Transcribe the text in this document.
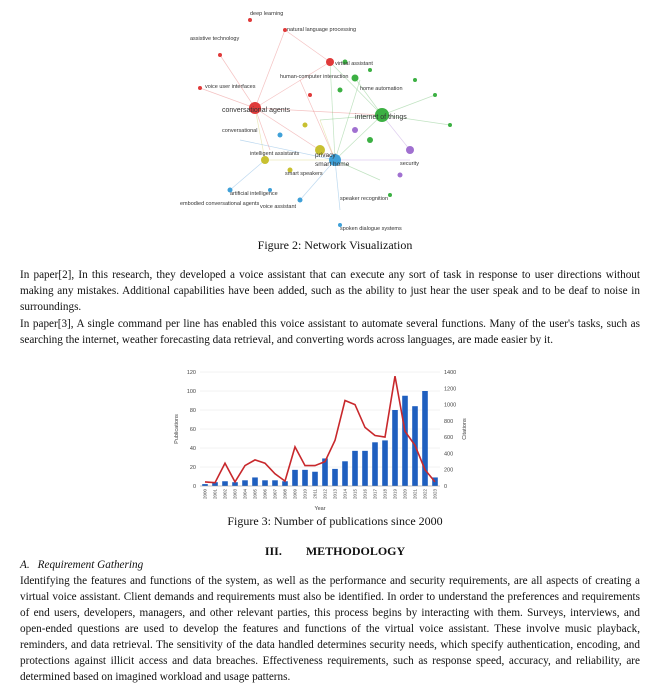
natural language processing
virtual assistant
voice user interfaces
human-computer interaction
conversational agents
conversational
internet of things
privacy
smart home
smart speakers
artificial intelligence
embodied conversational agents voice assistant
home automation
speaker recognition
spoken dialogue systems
assistive technology
deep learning
intelligent assistants
security
Figure 2: Network Visualization

In paper[2], In this research, they developed a voice assistant that can execute any sort of task in response to user directions without making any mistakes. Additional capabilities have been added, such as the ability to just hear the user speak and to be deaf to noise in surroundings.

In paper[3], A single command per line has enabled this voice assistant to automate several functions. Many of the user's tasks, such as searching the internet, weather forecasting data retrieval, and converting words across languages, are made easier by it.

0
20
40
60
80
100
120
0
200
400
600
800
1000
1200
1400
2000 2001 2002 2003 2004 2005 2006 2007 2008 2009 2010 2011 2012 2013 2014 2015 2016 2017 2018 2019 2020 2021 2022 2023
Year
Publications	Citations
Figure 3: Number of publications since 2000
III. METHODOLOGY
A. Requirement Gathering

Identifying the features and functions of the system, as well as the performance and security requirements, are all aspects of creating a virtual voice assistant. Client demands and requirements must also be identified. In order to understand the preferences and requirements of end users, developers, managers, and other relevant parties, this process begins by interacting with them. Surveys, interviews, and open-ended questions are used to develop the features and functions of the virtual voice assistant. These involve music playback, reminders, and data retrieval. The sensitivity of the data handled determines security needs, which specify authentication, encoding, and protections against illicit access and data breaches. Effectiveness requirements, such as response speed, accuracy, and reliability, are determined based on imagined workload and usage patterns.
